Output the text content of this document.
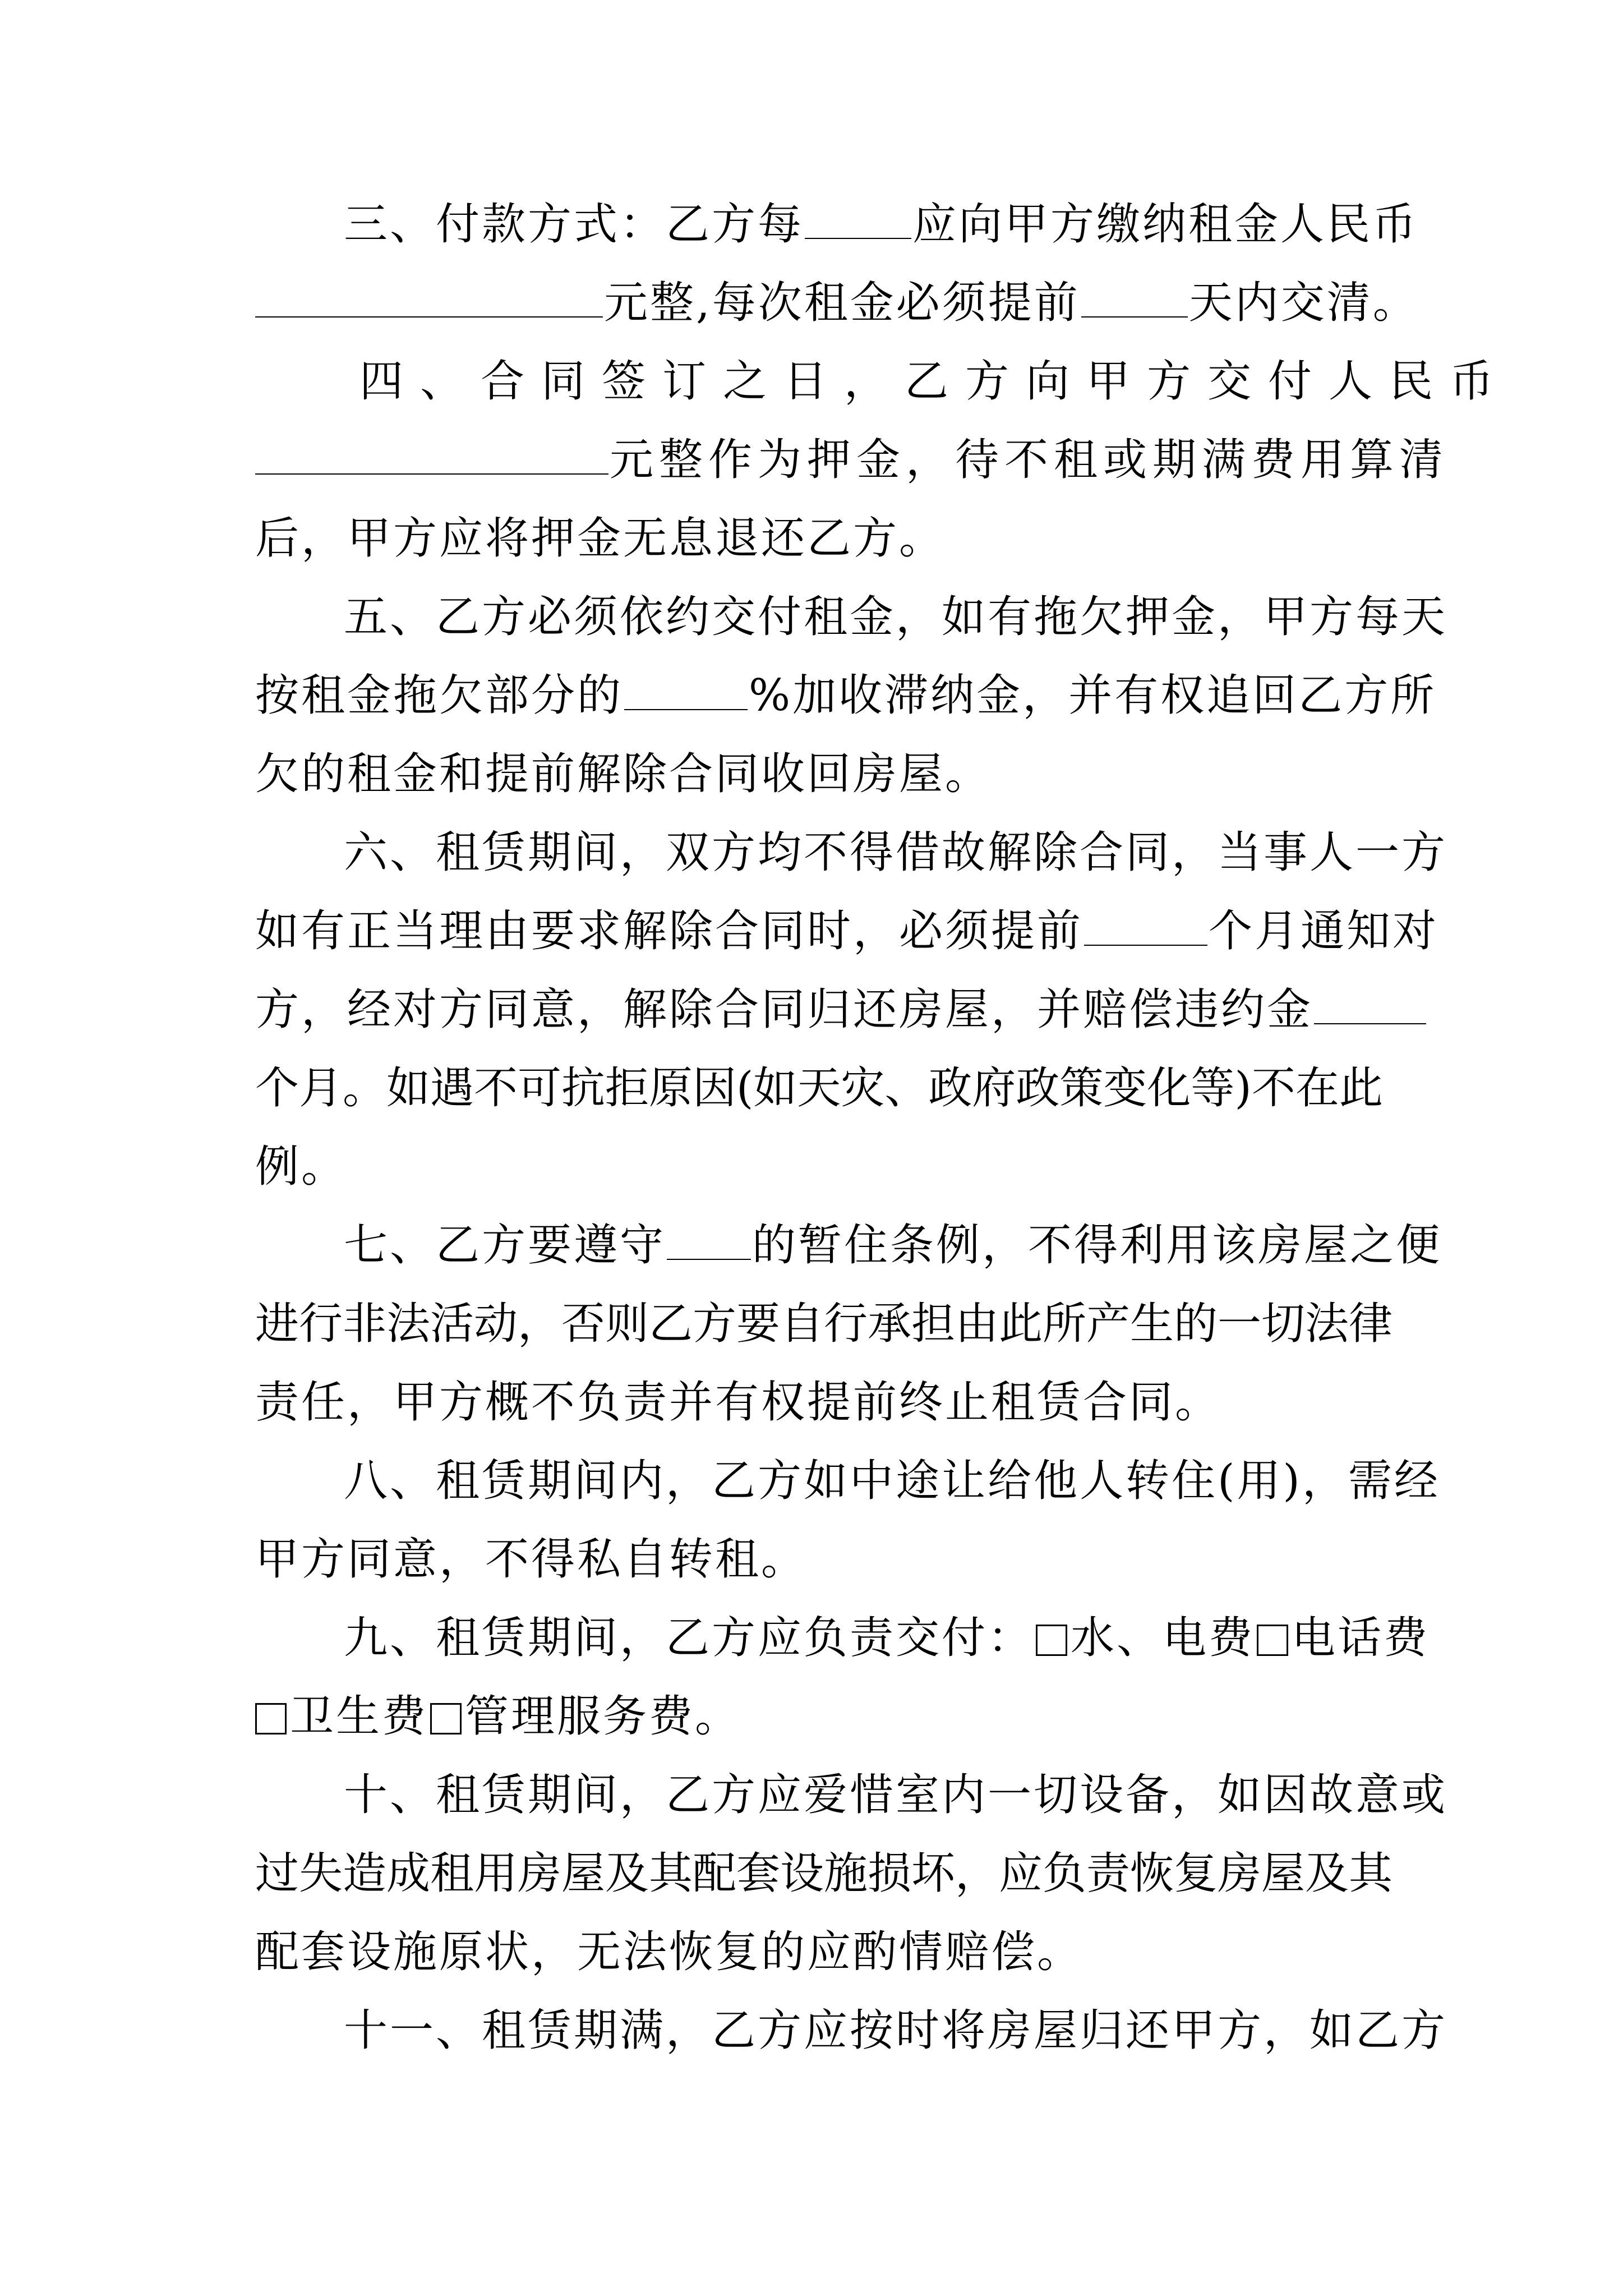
三、付款方式：乙方每 应向甲方缴纳租金人民币
元整,每次租金必须提前 天内交清。
四、合同签订之日，乙方向甲方交付人民币
元整作为押金，待不租或期满费用算清
后，甲方应将押金无息退还乙方。
五、乙方必须依约交付租金，如有拖欠押金，甲方每天
按租金拖欠部分的	%加收滞纳金，并有权追回乙方所
欠的租金和提前解除合同收回房屋。
六、租赁期间，双方均不得借故解除合同，当事人一方
如有正当理由要求解除合同时，必须提前	个月通知对
方，经对方同意，解除合同归还房屋，并赔偿违约金
个月。如遇不可抗拒原因(如天灾、政府政策变化等)不在此
例。
七、乙方要遵守 的暂住条例，不得利用该房屋之便
进行非法活动，否则乙方要自行承担由此所产生的一切法律
责任，甲方概不负责并有权提前终止租赁合同。
八、租赁期间内，乙方如中途让给他人转住(用)，需经
甲方同意，不得私自转租。
九、租赁期间，乙方应负责交付： 水、电费 电话费
卫生费 管理服务费。
十、租赁期间，乙方应爱惜室内一切设备，如因故意或
过失造成租用房屋及其配套设施损坏，应负责恢复房屋及其
配套设施原状，无法恢复的应酌情赔偿。
十一、租赁期满，乙方应按时将房屋归还甲方，如乙方
